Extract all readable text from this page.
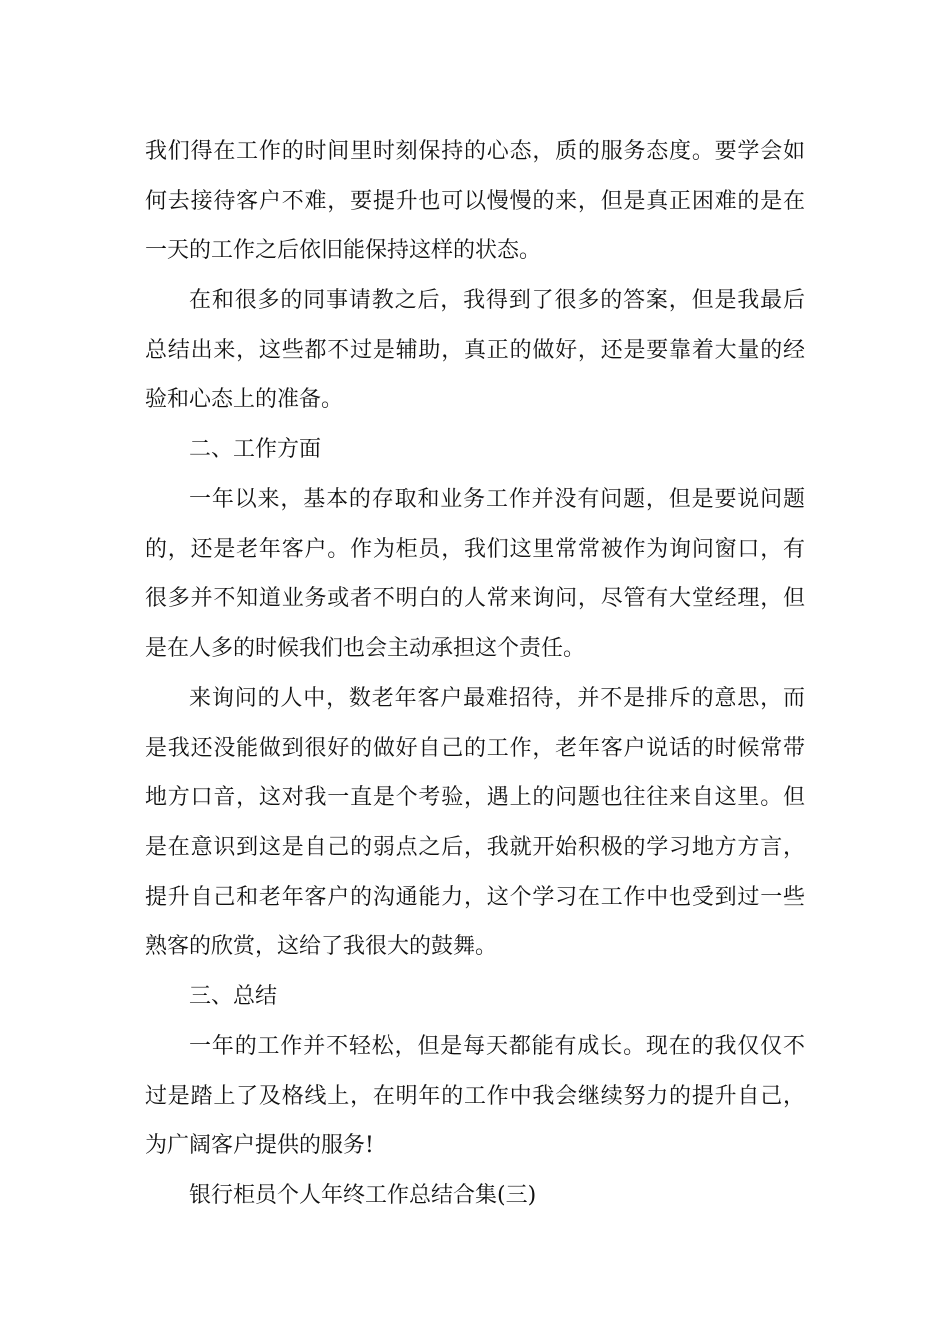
我们得在工作的时间里时刻保持的心态，质的服务态度。要学会如
何去接待客户不难，要提升也可以慢慢的来，但是真正困难的是在
一天的工作之后依旧能保持这样的状态。
在和很多的同事请教之后，我得到了很多的答案，但是我最后
总结出来，这些都不过是辅助，真正的做好，还是要靠着大量的经
验和心态上的准备。
二、工作方面
一年以来，基本的存取和业务工作并没有问题，但是要说问题
的，还是老年客户。作为柜员，我们这里常常被作为询问窗口，有
很多并不知道业务或者不明白的人常来询问，尽管有大堂经理，但
是在人多的时候我们也会主动承担这个责任。
来询问的人中，数老年客户最难招待，并不是排斥的意思，而
是我还没能做到很好的做好自己的工作，老年客户说话的时候常带
地方口音，这对我一直是个考验，遇上的问题也往往来自这里。但
是在意识到这是自己的弱点之后，我就开始积极的学习地方方言，
提升自己和老年客户的沟通能力，这个学习在工作中也受到过一些
熟客的欣赏，这给了我很大的鼓舞。
三、总结
一年的工作并不轻松，但是每天都能有成长。现在的我仅仅不
过是踏上了及格线上，在明年的工作中我会继续努力的提升自己，
为广阔客户提供的服务!
银行柜员个人年终工作总结合集(三)
